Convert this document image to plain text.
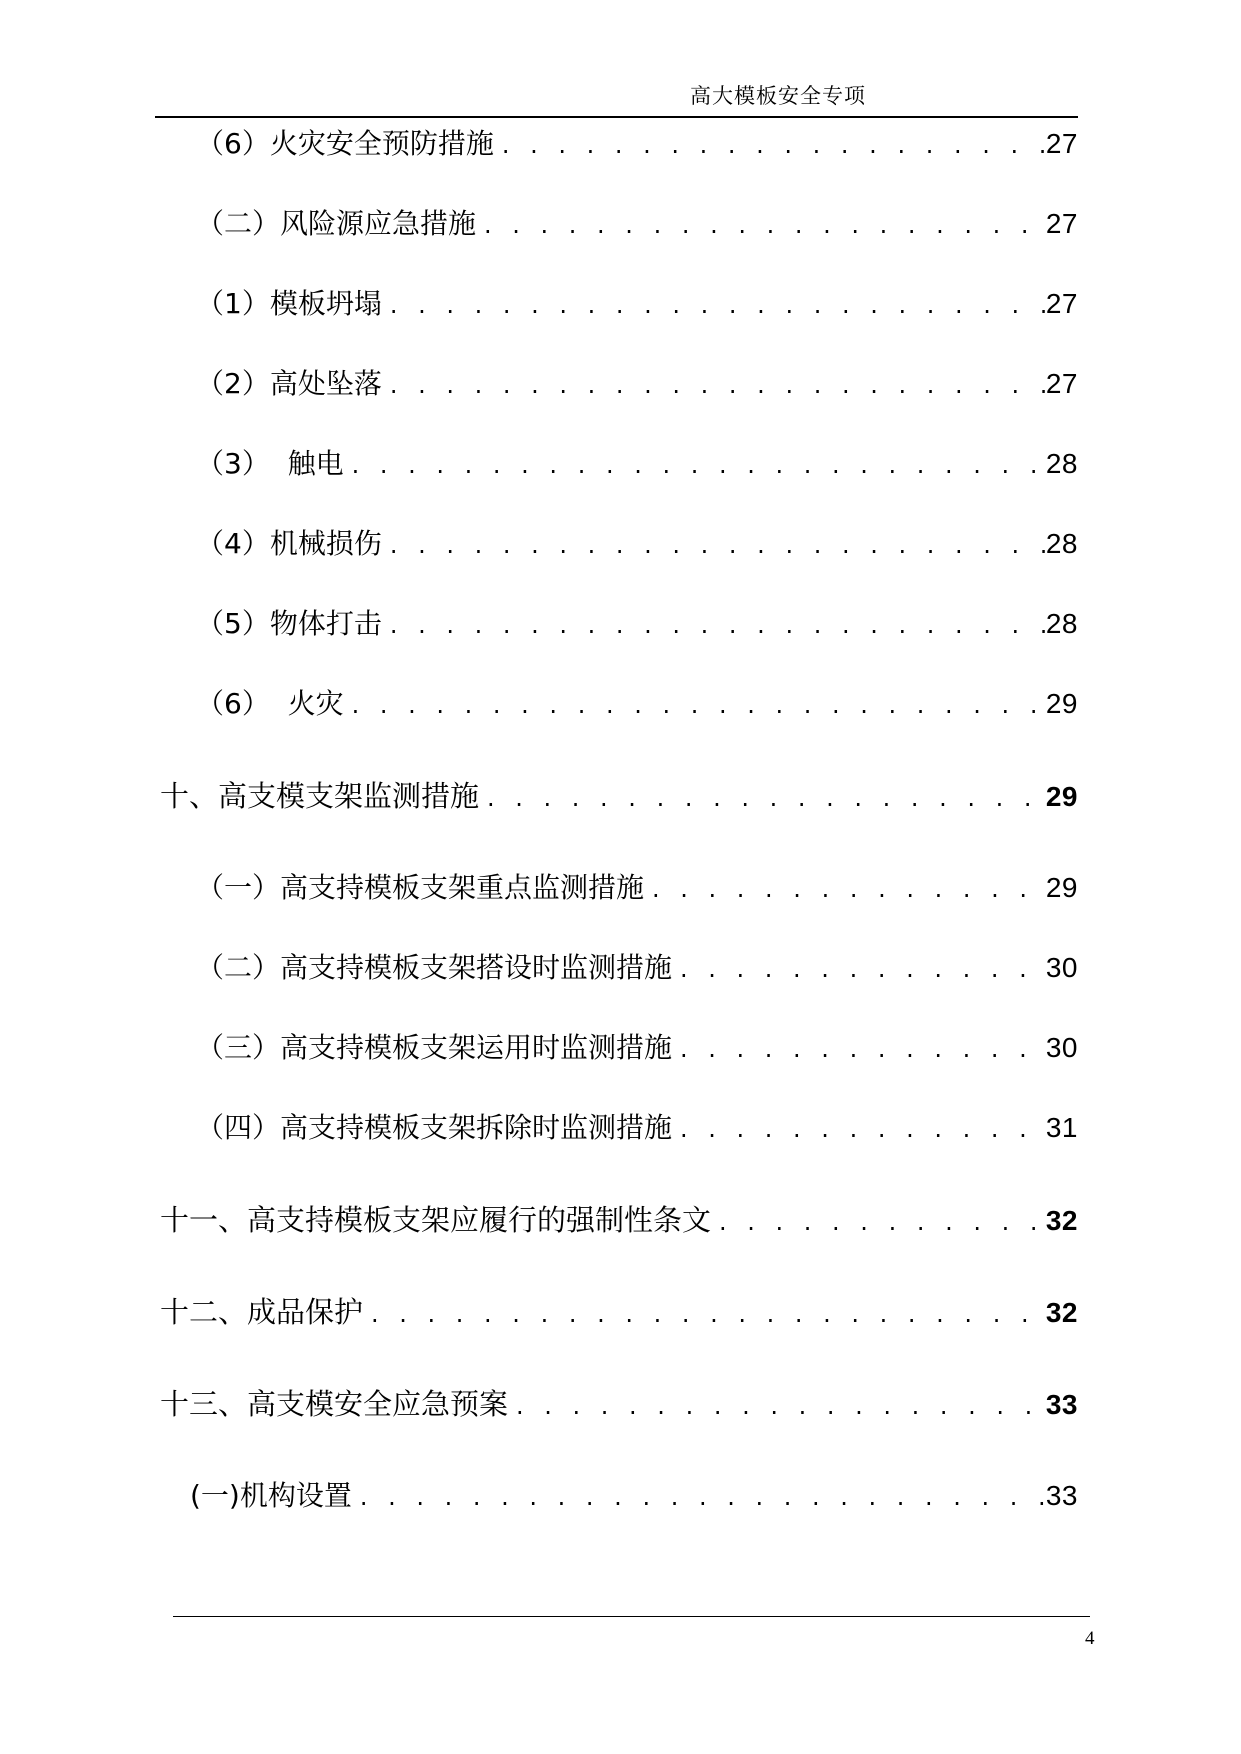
高大模板安全专项
（6）火灾安全预防措施 . . .	27
（二）风险源应急措施 . . .	27
（1）模板坍塌 . . .	27
（2）高处坠落 . . .	27
（3）  触电 . . .	28
（4）机械损伤 . . .	28
（5）物体打击 . . .	28
（6）  火灾 . . .	29
十、高支模支架监测措施 . . .	29
（一）高支持模板支架重点监测措施 . . .	29
（二）高支持模板支架搭设时监测措施 . . .	30
（三）高支持模板支架运用时监测措施 . . .	30
（四）高支持模板支架拆除时监测措施 . . .	31
十一、高支持模板支架应履行的强制性条文 . . .	32
十二、成品保护 . . .	32
十三、高支模安全应急预案 . . .	33
(一)机构设置 . . .	33
4
